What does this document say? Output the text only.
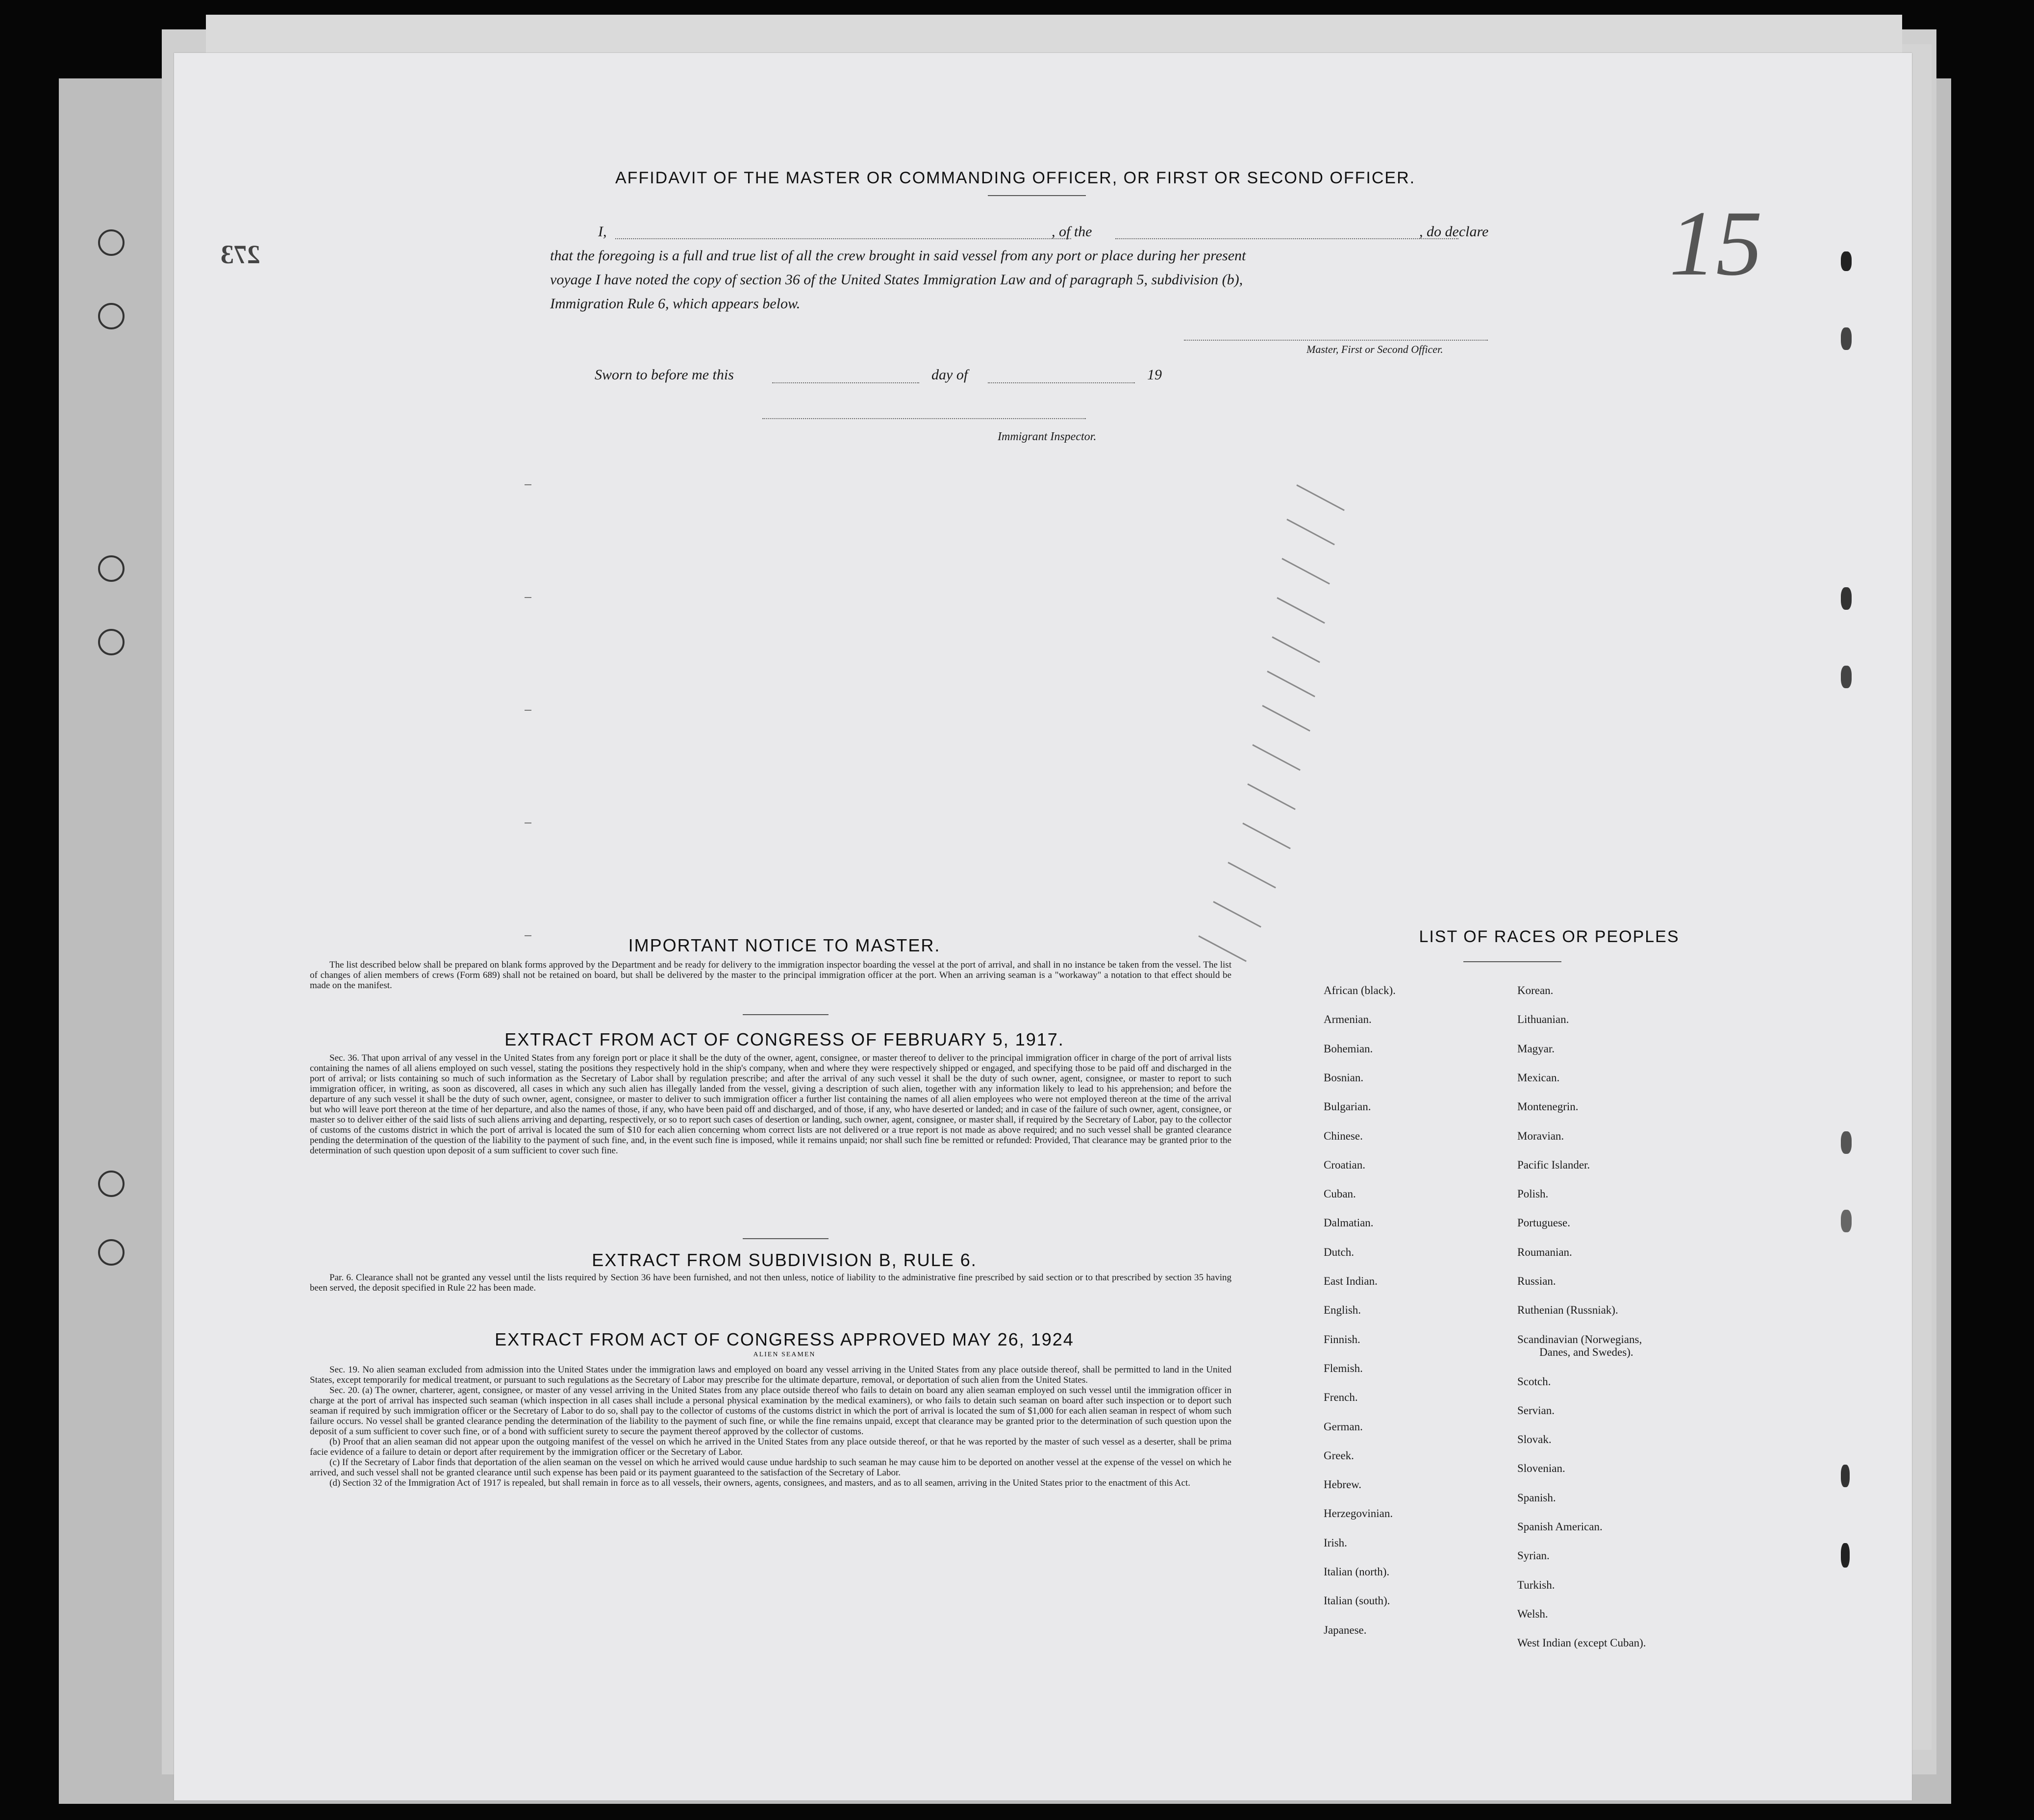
273	15
AFFIDAVIT OF THE MASTER OR COMMANDING OFFICER, OR FIRST OR SECOND OFFICER.
I,	, of the	, do declare
that the foregoing is a full and true list of all the crew brought in said vessel from any port or place during her present
voyage I have noted the copy of section 36 of the United States Immigration Law and of paragraph 5, subdivision (b),
Immigration Rule 6, which appears below.
Master, First or Second Officer.
Sworn to before me this	day of	19
Immigrant Inspector.
IMPORTANT NOTICE TO MASTER.

The list described below shall be prepared on blank forms approved by the Department and be ready for delivery to the immigration inspector boarding the vessel at the port of arrival, and shall in no instance be taken from the vessel. The list of changes of alien members of crews (Form 689) shall not be retained on board, but shall be delivered by the master to the principal immigration officer at the port. When an arriving seaman is a "workaway" a notation to that effect should be made on the manifest.

EXTRACT FROM ACT OF CONGRESS OF FEBRUARY 5, 1917.

Sec. 36. That upon arrival of any vessel in the United States from any foreign port or place it shall be the duty of the owner, agent, consignee, or master thereof to deliver to the principal immigration officer in charge of the port of arrival lists containing the names of all aliens employed on such vessel, stating the positions they respectively hold in the ship's company, when and where they were respectively shipped or engaged, and specifying those to be paid off and discharged in the port of arrival; or lists containing so much of such information as the Secretary of Labor shall by regulation prescribe; and after the arrival of any such vessel it shall be the duty of such owner, agent, consignee, or master to report to such immigration officer, in writing, as soon as discovered, all cases in which any such alien has illegally landed from the vessel, giving a description of such alien, together with any information likely to lead to his apprehension; and before the departure of any such vessel it shall be the duty of such owner, agent, consignee, or master to deliver to such immigration officer a further list containing the names of all alien employees who were not employed thereon at the time of the arrival but who will leave port thereon at the time of her departure, and also the names of those, if any, who have been paid off and discharged, and of those, if any, who have deserted or landed; and in case of the failure of such owner, agent, consignee, or master so to deliver either of the said lists of such aliens arriving and departing, respectively, or so to report such cases of desertion or landing, such owner, agent, consignee, or master shall, if required by the Secretary of Labor, pay to the collector of customs of the customs district in which the port of arrival is located the sum of $10 for each alien concerning whom correct lists are not delivered or a true report is not made as above required; and no such vessel shall be granted clearance pending the determination of the question of the liability to the payment of such fine, and, in the event such fine is imposed, while it remains unpaid; nor shall such fine be remitted or refunded: Provided, That clearance may be granted prior to the determination of such question upon deposit of a sum sufficient to cover such fine.

EXTRACT FROM SUBDIVISION B, RULE 6.

Par. 6. Clearance shall not be granted any vessel until the lists required by Section 36 have been furnished, and not then unless, notice of liability to the administrative fine prescribed by said section or to that prescribed by section 35 having been served, the deposit specified in Rule 22 has been made.

EXTRACT FROM ACT OF CONGRESS APPROVED MAY 26, 1924
ALIEN SEAMEN

Sec. 19. No alien seaman excluded from admission into the United States under the immigration laws and employed on board any vessel arriving in the United States from any place outside thereof, shall be permitted to land in the United States, except temporarily for medical treatment, or pursuant to such regulations as the Secretary of Labor may prescribe for the ultimate departure, removal, or deportation of such alien from the United States.

Sec. 20. (a) The owner, charterer, agent, consignee, or master of any vessel arriving in the United States from any place outside thereof who fails to detain on board any alien seaman employed on such vessel until the immigration officer in charge at the port of arrival has inspected such seaman (which inspection in all cases shall include a personal physical examination by the medical examiners), or who fails to detain such seaman on board after such inspection or to deport such seaman if required by such immigration officer or the Secretary of Labor to do so, shall pay to the collector of customs of the customs district in which the port of arrival is located the sum of $1,000 for each alien seaman in respect of whom such failure occurs. No vessel shall be granted clearance pending the determination of the liability to the payment of such fine, or while the fine remains unpaid, except that clearance may be granted prior to the determination of such question upon the deposit of a sum sufficient to cover such fine, or of a bond with sufficient surety to secure the payment thereof approved by the collector of customs.

(b) Proof that an alien seaman did not appear upon the outgoing manifest of the vessel on which he arrived in the United States from any place outside thereof, or that he was reported by the master of such vessel as a deserter, shall be prima facie evidence of a failure to detain or deport after requirement by the immigration officer or the Secretary of Labor.

(c) If the Secretary of Labor finds that deportation of the alien seaman on the vessel on which he arrived would cause undue hardship to such seaman he may cause him to be deported on another vessel at the expense of the vessel on which he arrived, and such vessel shall not be granted clearance until such expense has been paid or its payment guaranteed to the satisfaction of the Secretary of Labor.

(d) Section 32 of the Immigration Act of 1917 is repealed, but shall remain in force as to all vessels, their owners, agents, consignees, and masters, and as to all seamen, arriving in the United States prior to the enactment of this Act.

LIST OF RACES OR PEOPLES
African (black).
Armenian.
Bohemian.
Bosnian.
Bulgarian.
Chinese.
Croatian.
Cuban.
Dalmatian.
Dutch.
East Indian.
English.
Finnish.
Flemish.
French.
German.
Greek.
Hebrew.
Herzegovinian.
Irish.
Italian (north).
Italian (south).
Japanese.
Korean.
Lithuanian.
Magyar.
Mexican.
Montenegrin.
Moravian.
Pacific Islander.
Polish.
Portuguese.
Roumanian.
Russian.
Ruthenian (Russniak).
Scandinavian (Norwegians,
Danes, and Swedes).
Scotch.
Servian.
Slovak.
Slovenian.
Spanish.
Spanish American.
Syrian.
Turkish.
Welsh.
West Indian (except Cuban).
